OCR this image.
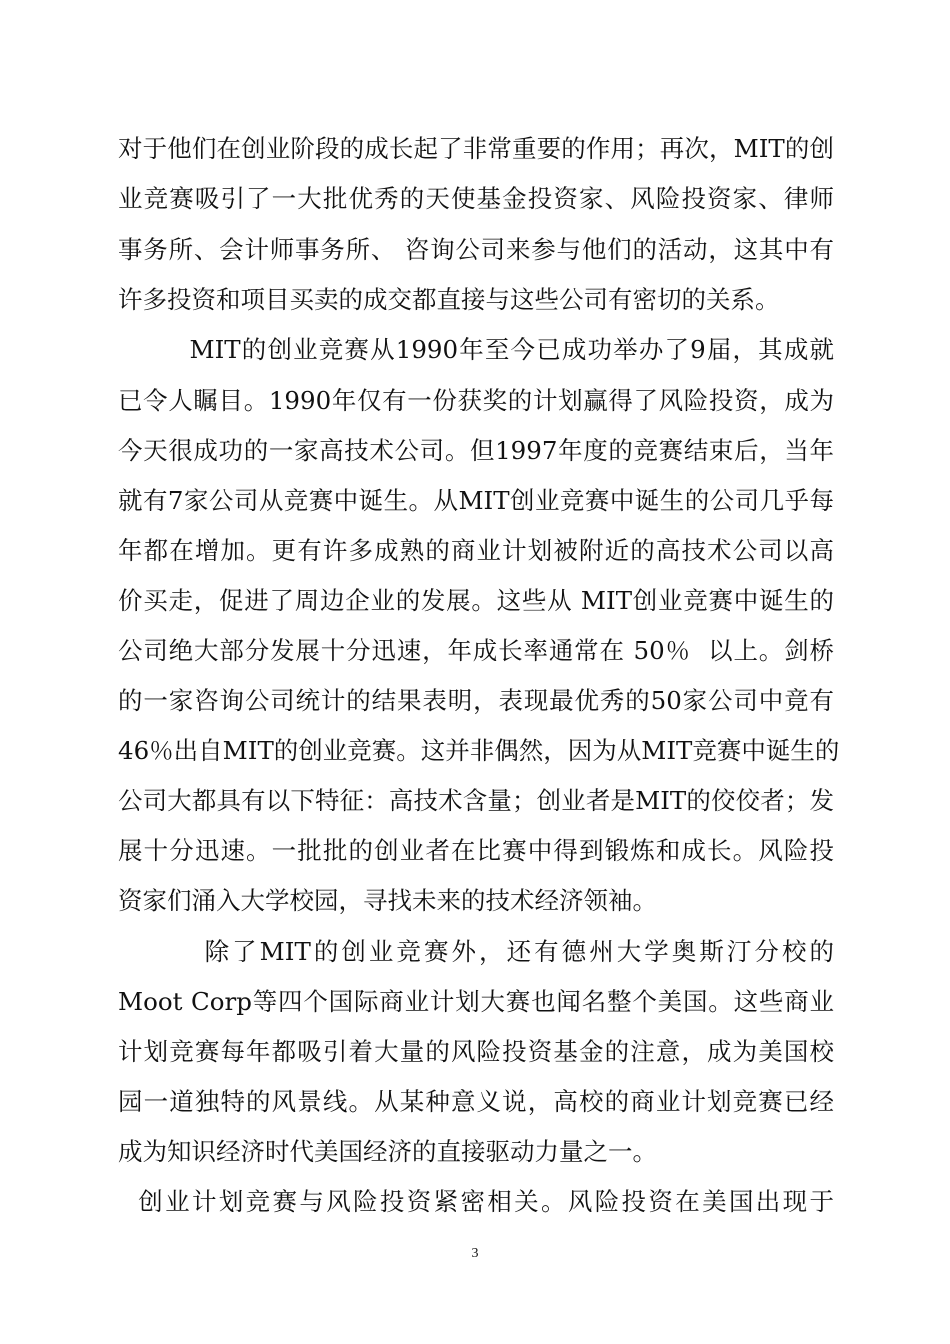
对于他们在创业阶段的成长起了非常重要的作用；再次，MIT的创
业竞赛吸引了一大批优秀的天使基金投资家、风险投资家、律师
事务所、会计师事务所、 咨询公司来参与他们的活动，这其中有
许多投资和项目买卖的成交都直接与这些公司有密切的关系。
MIT的创业竞赛从1990年至今已成功举办了9届，其成就
已令人瞩目。1990年仅有一份获奖的计划赢得了风险投资，成为
今天很成功的一家高技术公司。但1997年度的竞赛结束后，当年
就有7家公司从竞赛中诞生。从MIT创业竞赛中诞生的公司几乎每
年都在增加。更有许多成熟的商业计划被附近的高技术公司以高
价买走，促进了周边企业的发展。这些从 MIT创业竞赛中诞生的
公司绝大部分发展十分迅速，年成长率通常在 50％  以上。剑桥
的一家咨询公司统计的结果表明，表现最优秀的50家公司中竟有
46％出自MIT的创业竞赛。这并非偶然，因为从MIT竞赛中诞生的
公司大都具有以下特征：高技术含量；创业者是MIT的佼佼者；发
展十分迅速。一批批的创业者在比赛中得到锻炼和成长。风险投
资家们涌入大学校园，寻找未来的技术经济领袖。
除了MIT的创业竞赛外，还有德州大学奥斯汀分校的
Moot Corp等四个国际商业计划大赛也闻名整个美国。这些商业
计划竞赛每年都吸引着大量的风险投资基金的注意，成为美国校
园一道独特的风景线。从某种意义说，高校的商业计划竞赛已经
成为知识经济时代美国经济的直接驱动力量之一。
创业计划竞赛与风险投资紧密相关。风险投资在美国出现于
3
